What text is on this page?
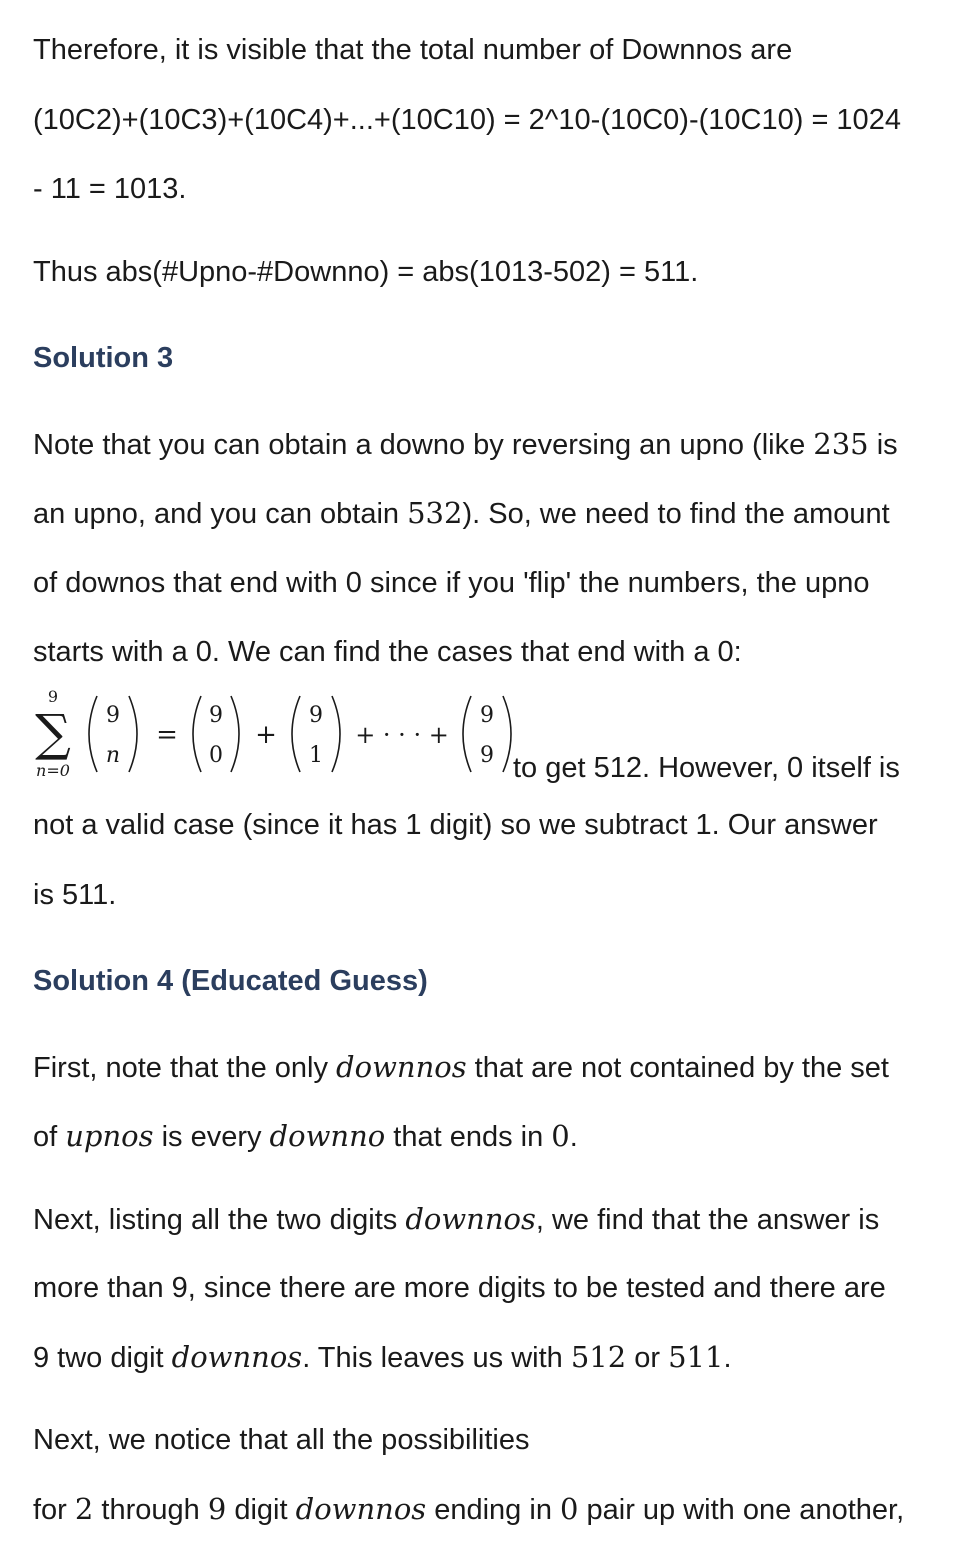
Therefore, it is visible that the total number of Downnos are
(10C2)+(10C3)+(10C4)+...+(10C10) = 2^10-(10C0)-(10C10) = 1024
- 11 = 1013.
Thus abs(#Upno-#Downno) = abs(1013-502) = 511.
Solution 3
Note that you can obtain a downo by reversing an upno (like 235 is
an upno, and you can obtain 532). So, we need to find the amount
of downos that end with 0 since if you 'flip' the numbers, the upno
starts with a 0. We can find the cases that end with a 0:
9
∑
n=0
9
n
=
9
0
+
9
1
+ · · · +
9
9 to get 512. However, 0 itself is
not a valid case (since it has 1 digit) so we subtract 1. Our answer
is 511.
Solution 4 (Educated Guess)
First, note that the only downnos that are not contained by the set
of upnos is every downno that ends in 0.
Next, listing all the two digits downnos, we find that the answer is
more than 9, since there are more digits to be tested and there are
9 two digit downnos. This leaves us with 512 or 511.
Next, we notice that all the possibilities
for 2 through 9 digit downnos ending in 0 pair up with one another,
